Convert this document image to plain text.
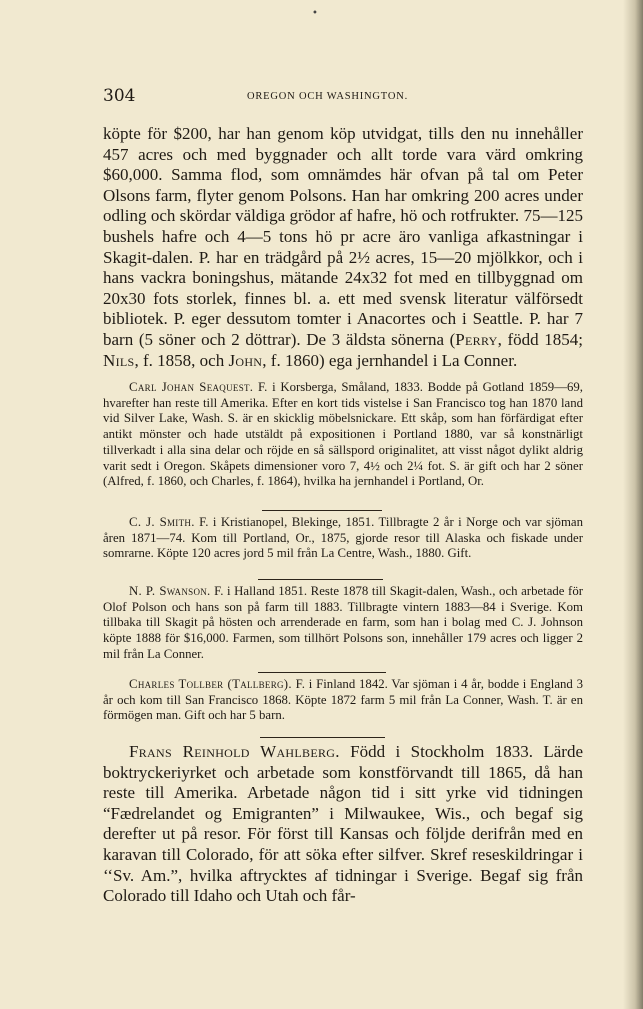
•
304	OREGON OCH WASHINGTON.

köpte för $200, har han genom köp utvidgat, tills den nu innehåller 457 acres och med byggnader och allt torde vara värd omkring $60,000. Samma flod, som omnämdes här ofvan på tal om Peter Olsons farm, flyter genom Polsons. Han har omkring 200 acres under odling och skördar väldiga grödor af hafre, hö och rotfrukter. 75—125 bushels hafre och 4—5 tons hö pr acre äro vanliga afkastningar i Skagit-dalen. P. har en trädgård på 2½ acres, 15—20 mjölkkor, och i hans vackra boningshus, mätande 24x32 fot med en tillbyggnad om 20x30 fots storlek, finnes bl. a. ett med svensk literatur välförsedt bibliotek. P. eger dessutom tomter i Anacortes och i Seattle. P. har 7 barn (5 söner och 2 döttrar). De 3 äldsta sönerna (Perry, född 1854; Nils, f. 1858, och John, f. 1860) ega jernhandel i La Conner.

Carl Johan Seaquest. F. i Korsberga, Småland, 1833. Bodde på Gotland 1859—69, hvarefter han reste till Amerika. Efter en kort tids vistelse i San Francisco tog han 1870 land vid Silver Lake, Wash. S. är en skicklig möbelsnickare. Ett skåp, som han förfärdigat efter antikt mönster och hade utstäldt på expositionen i Portland 1880, var så konstnärligt tillverkadt i alla sina delar och röjde en så sällspord originalitet, att visst något dylikt aldrig varit sedt i Oregon. Skåpets dimensioner voro 7, 4½ och 2¼ fot. S. är gift och har 2 söner (Alfred, f. 1860, och Charles, f. 1864), hvilka ha jernhandel i Portland, Or.

C. J. Smith. F. i Kristianopel, Blekinge, 1851. Tillbragte 2 år i Norge och var sjöman åren 1871—74. Kom till Portland, Or., 1875, gjorde resor till Alaska och fiskade under somrarne. Köpte 120 acres jord 5 mil från La Centre, Wash., 1880. Gift.

N. P. Swanson. F. i Halland 1851. Reste 1878 till Skagit-dalen, Wash., och arbetade för Olof Polson och hans son på farm till 1883. Tillbragte vintern 1883—84 i Sverige. Kom tillbaka till Skagit på hösten och arrenderade en farm, som han i bolag med C. J. Johnson köpte 1888 för $16,000. Farmen, som tillhört Polsons son, innehåller 179 acres och ligger 2 mil från La Conner.

Charles Tollber (Tallberg). F. i Finland 1842. Var sjöman i 4 år, bodde i England 3 år och kom till San Francisco 1868. Köpte 1872 farm 5 mil från La Conner, Wash. T. är en förmögen man. Gift och har 5 barn.

Frans Reinhold Wahlberg. Född i Stockholm 1833. Lärde boktryckeriyrket och arbetade som konstförvandt till 1865, då han reste till Amerika. Arbetade någon tid i sitt yrke vid tidningen “Fædrelandet og Emigranten” i Milwaukee, Wis., och begaf sig derefter ut på resor. För först till Kansas och följde derifrån med en karavan till Colorado, för att söka efter silfver. Skref reseskildringar i ‘‘Sv. Am.”, hvilka aftrycktes af tidningar i Sverige. Begaf sig från Colorado till Idaho och Utah och får-
